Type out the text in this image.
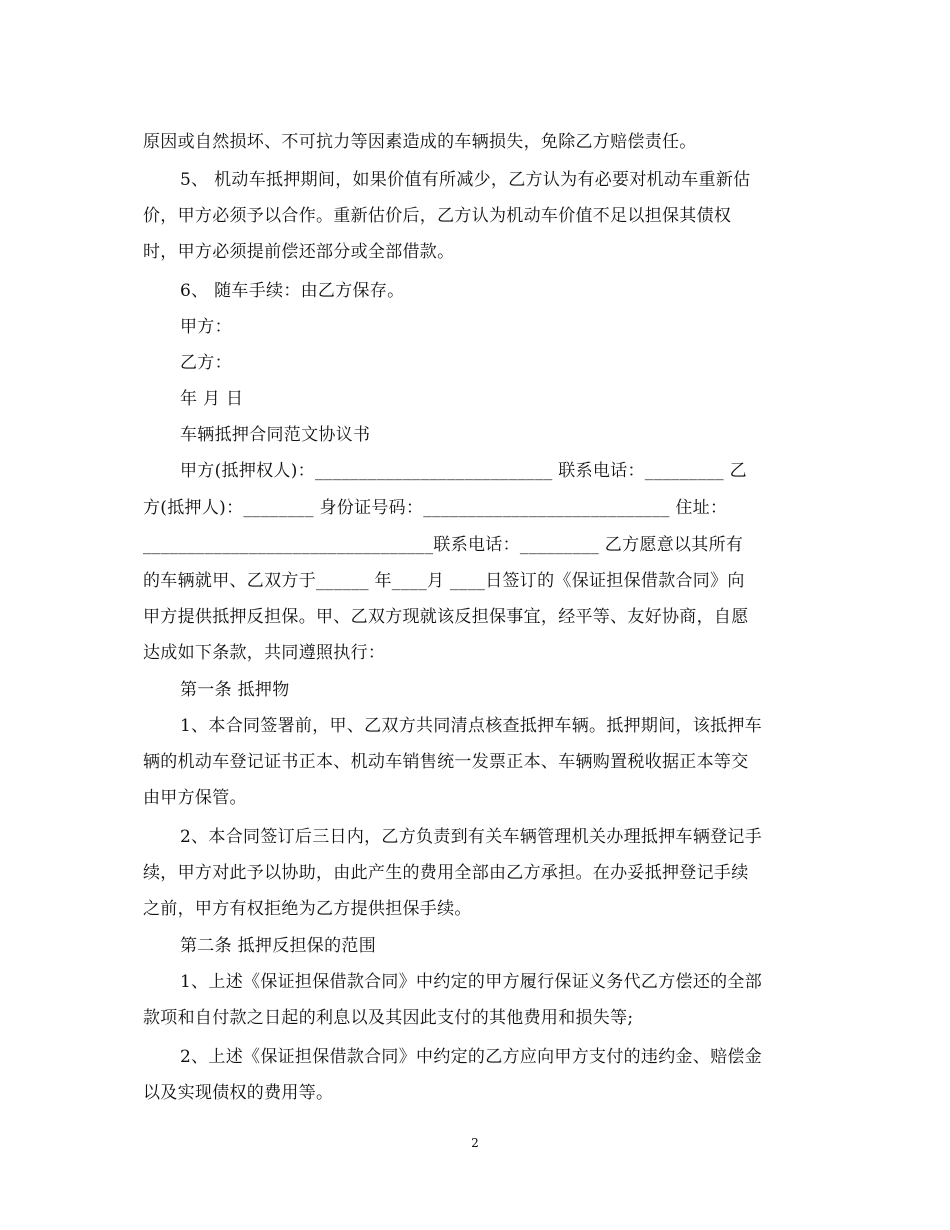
原因或自然损坏、不可抗力等因素造成的车辆损失，免除乙方赔偿责任。
5、 机动车抵押期间，如果价值有所减少，乙方认为有必要对机动车重新估
价，甲方必须予以合作。重新估价后，乙方认为机动车价值不足以担保其债权
时，甲方必须提前偿还部分或全部借款。
6、 随车手续：由乙方保存。
甲方：
乙方：
年 月 日
车辆抵押合同范文协议书
甲方(抵押权人)：___________________________ 联系电话：_________ 乙
方(抵押人)：________ 身份证号码：____________________________ 住址：
_________________________________联系电话：_________ 乙方愿意以其所有
的车辆就甲、乙双方于______ 年____月 ____日签订的《保证担保借款合同》向
甲方提供抵押反担保。甲、乙双方现就该反担保事宜，经平等、友好协商，自愿
达成如下条款，共同遵照执行：
第一条 抵押物
1、本合同签署前，甲、乙双方共同清点核查抵押车辆。抵押期间，该抵押车
辆的机动车登记证书正本、机动车销售统一发票正本、车辆购置税收据正本等交
由甲方保管。
2、本合同签订后三日内，乙方负责到有关车辆管理机关办理抵押车辆登记手
续，甲方对此予以协助，由此产生的费用全部由乙方承担。在办妥抵押登记手续
之前，甲方有权拒绝为乙方提供担保手续。
第二条 抵押反担保的范围
1、上述《保证担保借款合同》中约定的甲方履行保证义务代乙方偿还的全部
款项和自付款之日起的利息以及其因此支付的其他费用和损失等;
2、上述《保证担保借款合同》中约定的乙方应向甲方支付的违约金、赔偿金
以及实现债权的费用等。
2
